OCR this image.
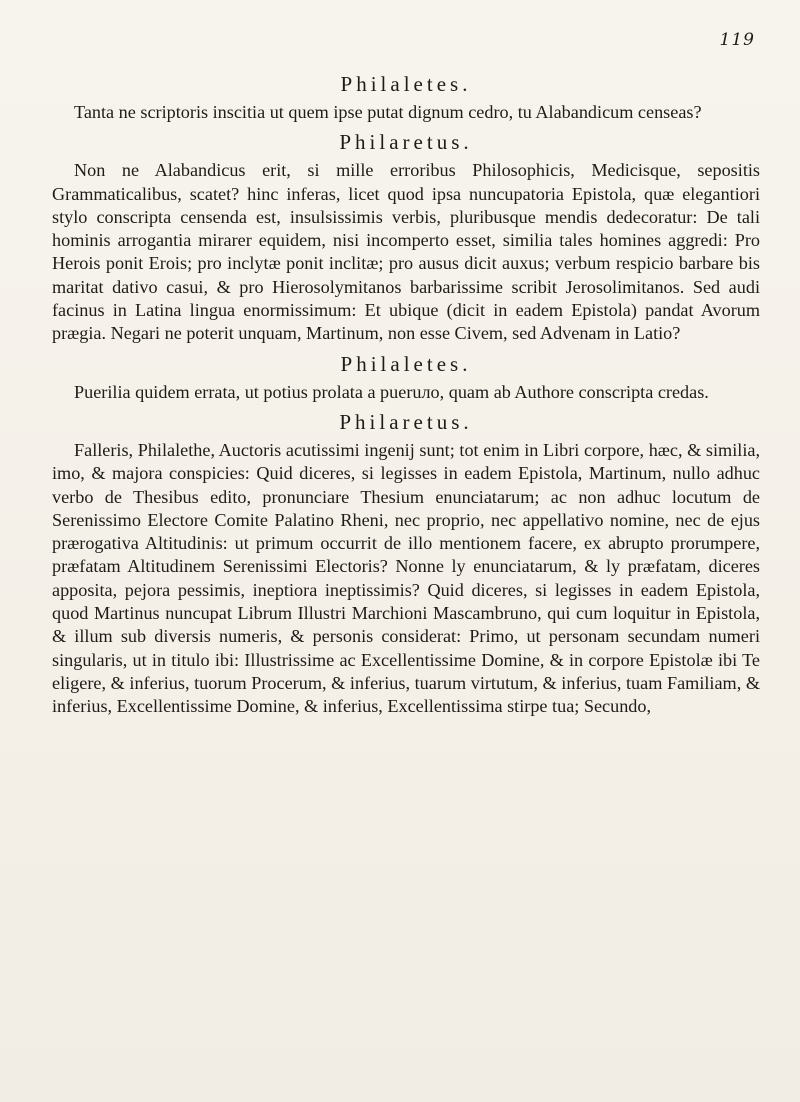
119
Philaletes.

Tanta ne scriptoris inscitia ut quem ipse putat dignum cedro, tu Alabandicum censeas?

Philaretus.

Non ne Alabandicus erit, si mille erroribus Philosophicis, Medicisque, sepositis Grammaticalibus, scatet? hinc inferas, licet quod ipsa nuncupatoria Epistola, quæ elegantiori stylo conscripta censenda est, insulsissimis verbis, pluribusque mendis dedecoratur: De tali hominis arrogantia mirarer equidem, nisi incomperto esset, similia tales homines aggredi: Pro Herois ponit Erois; pro inclytæ ponit inclitæ; pro ausus dicit auxus; verbum respicio barbare bis maritat dativo casui, & pro Hierosolymitanos barbarissime scribit Jerosolimitanos. Sed audi facinus in Latina lingua enormissimum: Et ubique (dicit in eadem Epistola) pandat Avorum prægia. Negari ne poterit unquam, Martinum, non esse Civem, sed Advenam in Latio?

Philaletes.

Puerilia quidem errata, ut potius prolata a pueruло, quam ab Authore conscripta credas.

Philaretus.

Falleris, Philalethe, Auctoris acutissimi ingenij sunt; tot enim in Libri corpore, hæc, & similia, imo, & majora conspicies: Quid diceres, si legisses in eadem Epistola, Martinum, nullo adhuc verbo de Thesibus edito, pronunciare Thesium enunciatarum; ac non adhuc locutum de Serenissimo Electore Comite Palatino Rheni, nec proprio, nec appellativo nomine, nec de ejus prærogativa Altitudinis: ut primum occurrit de illo mentionem facere, ex abrupto prorumpere, præfatam Altitudinem Serenissimi Electoris? Nonne ly enunciatarum, & ly præfatam, diceres apposita, pejora pessimis, ineptiora ineptissimis? Quid diceres, si legisses in eadem Epistola, quod Martinus nuncupat Librum Illustri Marchioni Mascambruno, qui cum loquitur in Epistola, & illum sub diversis numeris, & personis considerat: Primo, ut personam secundam numeri singularis, ut in titulo ibi: Illustrissime ac Excellentissime Domine, & in corpore Epistolæ ibi Te eligere, & inferius, tuorum Procerum, & inferius, tuarum virtutum, & inferius, tuam Familiam, & inferius, Excellentissime Domine, & inferius, Excellentissima stirpe tua; Secundo,
